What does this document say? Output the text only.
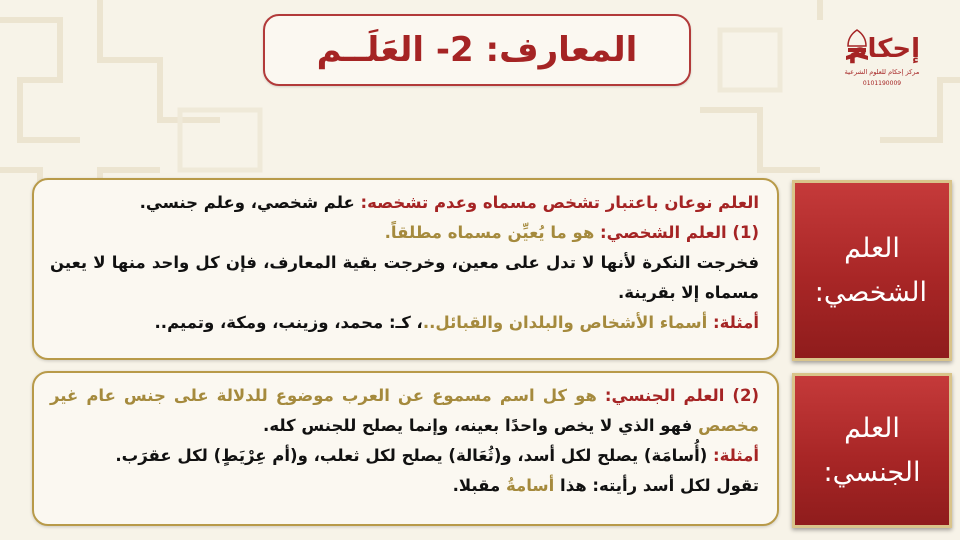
المعارف: 2- العَلَــم	إحكام
مركز إحكام للعلوم الشرعية
0101190009

العلم نوعان باعتبار تشخص مسماه وعدم تشخصه: علم شخصي، وعلم جنسي.

(1) العلم الشخصي: هو ما يُعيِّن مسماه مطلقاً.

فخرجت النكرة لأنها لا تدل على معين، وخرجت بقية المعارف، فإن كل واحد منها لا يعين مسماه إلا بقرينة.

أمثلة: أسماء الأشخاص والبلدان والقبائل..، كـ: محمد، وزينب، ومكة، وتميم..

العلم الشخصي:

(2) العلم الجنسي: هو كل اسم مسموع عن العرب موضوع للدلالة على جنس عام غير مخصص فهو الذي لا يخص واحدًا بعينه، وإنما يصلح للجنس كله.

أمثلة: (أُسامَة) يصلح لكل أسد، و(ثُعَالة) يصلح لكل ثعلب، و(أم عِرْيَطٍ) لكل عقرَب.

تقول لكل أسد رأيته: هذا أسامةُ مقبلا.

العلم الجنسي:
